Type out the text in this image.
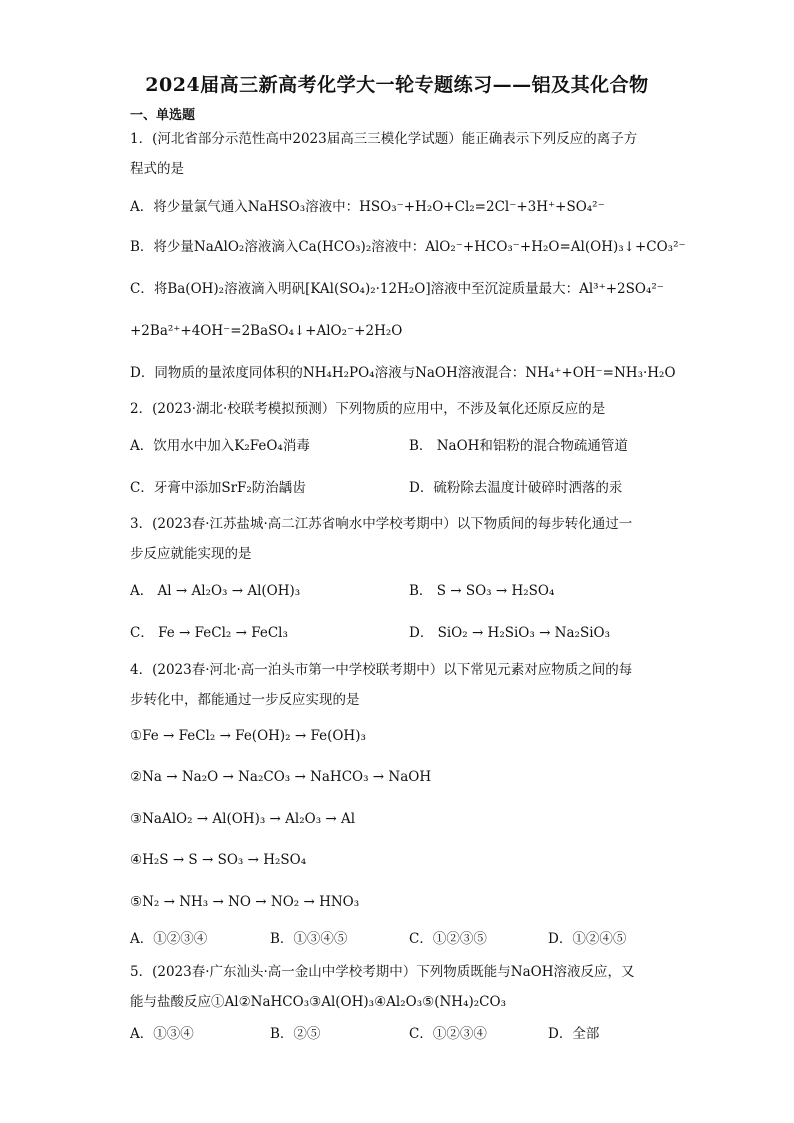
2024届高三新高考化学大一轮专题练习——铝及其化合物
一、单选题
1．(河北省部分示范性高中2023届高三三模化学试题）能正确表示下列反应的离子方
程式的是
A．将少量氯气通入NaHSO₃溶液中：HSO₃⁻+H₂O+Cl₂=2Cl⁻+3H⁺+SO₄²⁻
B．将少量NaAlO₂溶液滴入Ca(HCO₃)₂溶液中：AlO₂⁻+HCO₃⁻+H₂O=Al(OH)₃↓+CO₃²⁻
C．将Ba(OH)₂溶液滴入明矾[KAl(SO₄)₂·12H₂O]溶液中至沉淀质量最大：Al³⁺+2SO₄²⁻
+2Ba²⁺+4OH⁻=2BaSO₄↓+AlO₂⁻+2H₂O
D．同物质的量浓度同体积的NH₄H₂PO₄溶液与NaOH溶液混合：NH₄⁺+OH⁻=NH₃·H₂O
2．(2023·湖北·校联考模拟预测）下列物质的应用中，不涉及氧化还原反应的是
A．饮用水中加入K₂FeO₄消毒	B． NaOH和铝粉的混合物疏通管道
C．牙膏中添加SrF₂防治龋齿	D．硫粉除去温度计破碎时洒落的汞
3．(2023春·江苏盐城·高二江苏省响水中学校考期中）以下物质间的每步转化通过一
步反应就能实现的是
A． Al → Al₂O₃ → Al(OH)₃	B． S → SO₃ → H₂SO₄
C． Fe → FeCl₂ → FeCl₃	D． SiO₂ → H₂SiO₃ → Na₂SiO₃
4．(2023春·河北·高一泊头市第一中学校联考期中）以下常见元素对应物质之间的每
步转化中，都能通过一步反应实现的是
①Fe → FeCl₂ → Fe(OH)₂ → Fe(OH)₃
②Na → Na₂O → Na₂CO₃ → NaHCO₃ → NaOH
③NaAlO₂ → Al(OH)₃ → Al₂O₃ → Al
④H₂S → S → SO₃ → H₂SO₄
⑤N₂ → NH₃ → NO → NO₂ → HNO₃
A．①②③④	B．①③④⑤	C．①②③⑤	D．①②④⑤
5．(2023春·广东汕头·高一金山中学校考期中）下列物质既能与NaOH溶液反应，又
能与盐酸反应①Al②NaHCO₃③Al(OH)₃④Al₂O₃⑤(NH₄)₂CO₃
A．①③④	B．②⑤	C．①②③④	D．全部
